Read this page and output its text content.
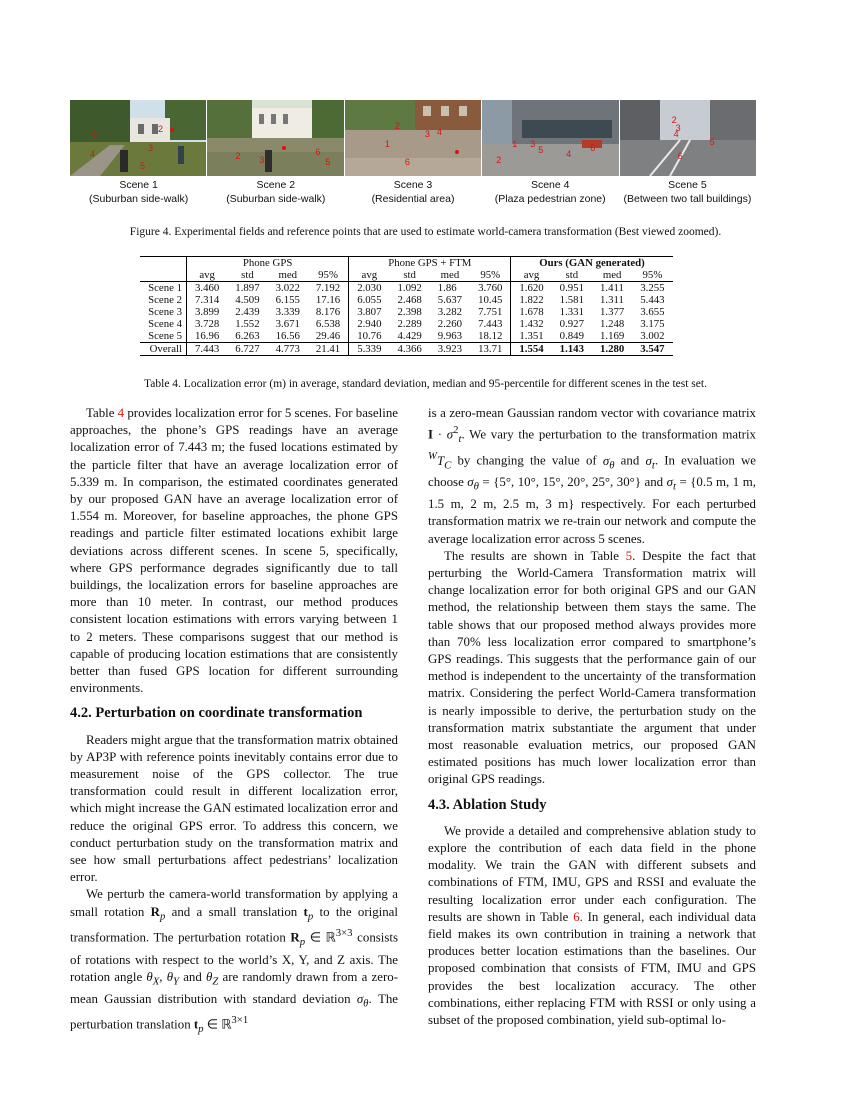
6
3
2
4
5
2 3
6
5
2
3 4
1
6
1 3
5
2
4
6
2
3
4
5
6
Scene 1
(Suburban side-walk)
Scene 2
(Suburban side-walk)
Scene 3
(Residential area)
Scene 4
(Plaza pedestrian zone)
Scene 5
(Between two tall buildings)
Figure 4. Experimental fields and reference points that are used to estimate world-camera transformation (Best viewed zoomed).
	Phone GPS				Phone GPS + FTM				Ours (GAN generated)			
	avg	std	med	95%	avg	std	med	95%	avg	std	med	95%
Scene 1	3.460	1.897	3.022	7.192	2.030	1.092	1.86	3.760	1.620	0.951	1.411	3.255
Scene 2	7.314	4.509	6.155	17.16	6.055	2.468	5.637	10.45	1.822	1.581	1.311	5.443
Scene 3	3.899	2.439	3.339	8.176	3.807	2.398	3.282	7.751	1.678	1.331	1.377	3.655
Scene 4	3.728	1.552	3.671	6.538	2.940	2.289	2.260	7.443	1.432	0.927	1.248	3.175
Scene 5	16.96	6.263	16.56	29.46	10.76	4.429	9.963	18.12	1.351	0.849	1.169	3.002
Overall	7.443	6.727	4.773	21.41	5.339	4.366	3.923	13.71	1.554	1.143	1.280	3.547
Table 4. Localization error (m) in average, standard deviation, median and 95-percentile for different scenes in the test set.

Table 4 provides localization error for 5 scenes. For baseline approaches, the phone’s GPS readings have an average localization error of 7.443 m; the fused locations estimated by the particle filter that have an average localization error of 5.339 m. In comparison, the estimated coordinates generated by our proposed GAN have an average localization error of 1.554 m. Moreover, for baseline approaches, the phone GPS readings and particle filter estimated locations exhibit large deviations across different scenes. In scene 5, specifically, where GPS performance degrades significantly due to tall buildings, the localization errors for baseline approaches are more than 10 meter. In contrast, our method produces consistent location estimations with errors varying between 1 to 2 meters. These comparisons suggest that our method is capable of producing location estimations that are consistently better than fused GPS location for different surrounding environments.

4.2. Perturbation on coordinate transformation

Readers might argue that the transformation matrix obtained by AP3P with reference points inevitably contains error due to measurement noise of the GPS collector. The true transformation could result in different localization error, which might increase the GAN estimated localization error and reduce the original GPS error. To address this concern, we conduct perturbation study on the transformation matrix and see how small perturbations affect pedestrians’ localization error.

We perturb the camera-world transformation by applying a small rotation $R_p$ and a small translation $t_p$ to the original transformation. The perturbation rotation $R_p$ ∈ ℝ$^{3\times 3}$ consists of rotations with respect to the world’s X, Y, and Z axis. The rotation angle $\theta_X$, $\theta_Y$ and $\theta_Z$ are randomly drawn from a zero-mean Gaussian distribution with standard deviation $\sigma_\theta$. The perturbation translation $t_p$ ∈ ℝ$^{3\times 1}$

is a zero-mean Gaussian random vector with covariance matrix $I \cdot \sigma^2_t$. We vary the perturbation to the transformation matrix $^WT_C$ by changing the value of $\sigma_\theta$ and $\sigma_t$. In evaluation we choose $\sigma_\theta = \{5^\circ$, 10°, 15°, 20°, 25°, 30°} and $\sigma_t = \{0.5$ m, 1 m, 1.5 m, 2 m, 2.5 m, 3 m} respectively. For each perturbed transformation matrix we re-train our network and compute the average localization error across 5 scenes.

The results are shown in Table 5. Despite the fact that perturbing the World-Camera Transformation matrix will change localization error for both original GPS and our GAN method, the relationship between them stays the same. The table shows that our proposed method always provides more than 70% less localization error compared to smartphone’s GPS readings. This suggests that the performance gain of our method is independent to the uncertainty of the transformation matrix. Considering the perfect World-Camera transformation is nearly impossible to derive, the perturbation study on the transformation matrix substantiate the argument that under most reasonable evaluation metrics, our proposed GAN estimated positions has much lower localization error than original GPS readings.

4.3. Ablation Study

We provide a detailed and comprehensive ablation study to explore the contribution of each data field in the phone modality. We train the GAN with different subsets and combinations of FTM, IMU, GPS and RSSI and evaluate the resulting localization error under each configuration. The results are shown in Table 6. In general, each individual data field makes its own contribution in training a network that produces better location estimations than the baselines. Our proposed combination that consists of FTM, IMU and GPS provides the best localization accuracy. The other combinations, either replacing FTM with RSSI or only using a subset of the proposed combination, yield sub-optimal lo-
